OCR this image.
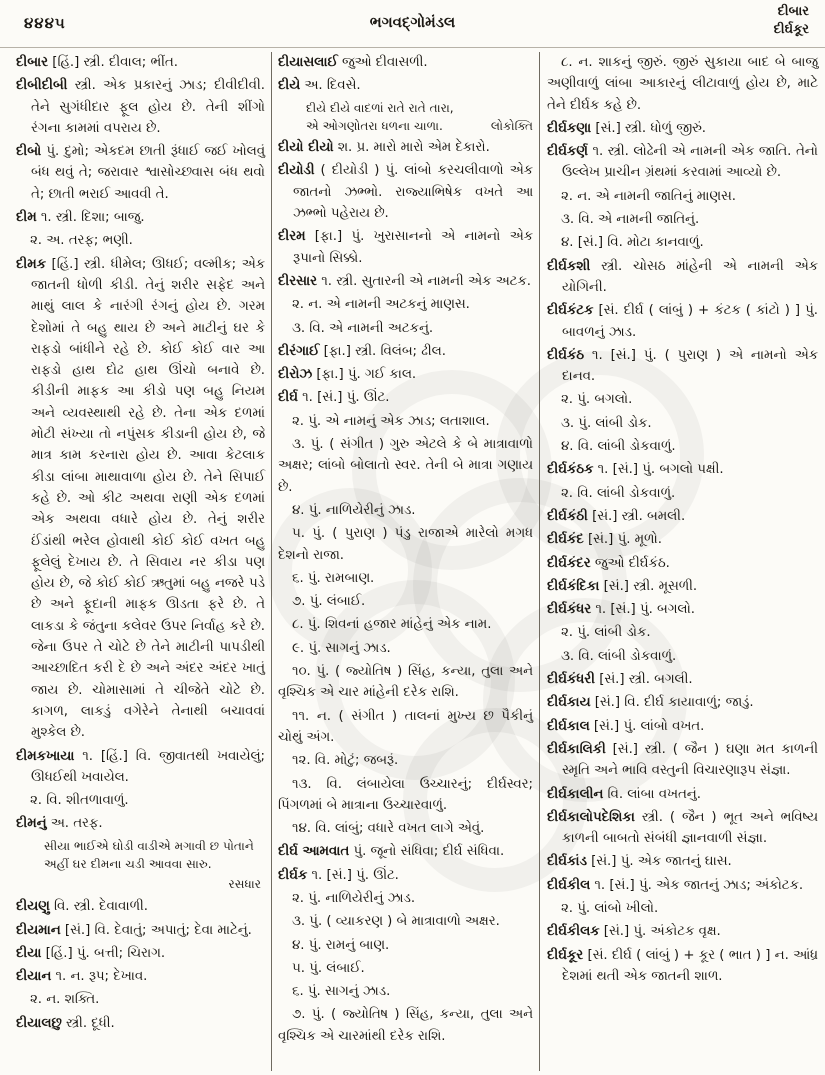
૪૪૪૫	ભગવદ્ગોમંડલ
દીબાર
દીર્ઘકૂર

દીબાર [હિં.] સ્ત્રી. દીવાલ; ભીંત.

દીબીદીબી સ્ત્રી. એક પ્રકારનું ઝાડ; દીવીદીવી. તેને સુગંધીદાર ફૂલ હોય છે. તેની શીંગો રંગના કામમાં વપરાય છે.

દીબો પું. દુમો; એકદમ છાતી રૂંધાઈ જઈ ખોલવું બંધ થવું તે; જરાવાર શ્વાસોચ્છ્વાસ બંધ થવો તે; છાતી ભરાઈ આવવી તે.

દીમ ૧. સ્ત્રી. દિશા; બાજુ.

૨. અ. તરફ; ભણી.

દીમક [હિં.] સ્ત્રી. ધીમેલ; ઊધઈ; વલ્મીક; એક જાતની ધોળી કીડી. તેનું શરીર સફેદ અને માથું લાલ કે નારંગી રંગનું હોય છે. ગરમ દેશોમાં તે બહુ થાય છે અને માટીનું ઘર કે રાફડો બાંધીને રહે છે. કોઈ કોઈ વાર આ રાફડો હાથ દોઢ હાથ ઊંચો બનાવે છે. કીડીની માફક આ કીડો પણ બહુ નિયમ અને વ્યવસ્થાથી રહે છે. તેના એક દળમાં મોટી સંખ્યા તો નપુંસક કીડાની હોય છે, જે માત્ર કામ કરનારા હોય છે. આવા કેટલાક કીડા લાંબા માથાવાળા હોય છે. તેને સિપાઈ કહે છે. ઓ કીટ અથવા રાણી એક દળમાં એક અથવા વધારે હોય છે. તેનું શરીર ઈંડાંથી ભરેલ હોવાથી કોઈ કોઈ વખત બહુ ફૂલેલું દેખાય છે. તે સિવાય નર કીડા પણ હોય છે, જે કોઈ કોઈ ઋતુમાં બહુ નજરે પડે છે અને ફૂદાની માફક ઊડતા ફરે છે. તે લાકડા કે જંતુના કલેવર ઉપર નિર્વાહ કરે છે. જેના ઉપર તે ચોટે છે તેને માટીની પાપડીથી આચ્છાદિત કરી દે છે અને અંદર અંદર ખાતું જાય છે. ચોમાસામાં તે ચીજેતે ચોટે છે. કાગળ, લાકડું વગેરેને તેનાથી બચાવવાં મુશ્કેલ છે.

દીમકખાયા ૧. [હિં.] વિ. જીવાતથી ખવાયેલું; ઊધઈથી ખવાયેલ.

૨. વિ. શીતળાવાળું.

દીમનું અ. તરફ.

સીયા ભાઈએ ઘોડી વાડીએ મગાવી છ પોતાને અહીં ઘર દીમના ચડી આવવા સારુ.

રસધાર

દીયણુ વિ. સ્ત્રી. દેવાવાળી.

દીયમાન [સં.] વિ. દેવાતું; અપાતું; દેવા માટેનું.

દીયા [હિં.] પું. બત્તી; ચિરાગ.

દીયાન ૧. ન. રૂપ; દેખાવ.

૨. ન. શક્તિ.

દીયાલછુ સ્ત્રી. દૂધી.

દીયાસલાઈ જુઓ દીવાસળી.

દીયે અ. દિવસે.

દીયે દીયે વાદળાં રાતે રાતે તારા,
એ ઓગણોતરા ધળના ચાળા.	લોકોક્તિ

દીયો દીયો શ. પ્ર. મારો મારો એમ દેકારો.

દીયોડી ( દીયોડી ) પું. લાંબો કરચલીવાળો એક જાતનો ઝભ્ભો. રાજ્યાભિષેક વખતે આ ઝભ્ભો પહેરાય છે.

દીરમ [ફા.] પું. ખુરાસાનનો એ નામનો એક રૂપાનો સિક્કો.

દીરસાર ૧. સ્ત્રી. સુતારની એ નામની એક અટક.

૨. ન. એ નામની અટકનું માણસ.

૩. વિ. એ નામની અટકનું.

દીરંગાઈ [ફા.] સ્ત્રી. વિલંબ; ઢીલ.

દીરોઝ [ફા.] પું. ગઈ કાલ.

દીર્ઘ ૧. [સં.] પું. ઊંટ.

૨. પું. એ નામનું એક ઝાડ; લતાશાલ.

૩. પું. ( સંગીત ) ગુરુ એટલે કે બે માત્રાવાળો અક્ષર; લાંબો બોલાતો સ્વર. તેની બે માત્રા ગણાય છે.

૪. પું. નાળિયેરીનું ઝાડ.

૫. પું. ( પુરાણ ) પંડુ રાજાએ મારેલો મગધ દેશનો રાજા.

૬. પું. રામબાણ.

૭. પું. લંબાઈ.

૮. પું. શિવનાં હજાર માંહેનું એક નામ.

૯. પું. સાગનું ઝાડ.

૧૦. પું. ( જ્યોતિષ ) સિંહ, કન્યા, તુલા અને વૃશ્ચિક એ ચાર માંહેની દરેક રાશિ.

૧૧. ન. ( સંગીત ) તાલનાં મુખ્ય છ પૈકીનું ચોથું અંગ.

૧૨. વિ. મોટું; જબરૂં.

૧૩. વિ. લંબાયેલા ઉચ્ચારનું; દીર્ઘસ્વર; પિંગળમાં બે માત્રાના ઉચ્ચારવાળું.

૧૪. વિ. લાંબું; વધારે વખત લાગે એવું.

દીર્ઘ આમવાત પું. જૂનો સંધિવા; દીર્ઘ સંધિવા.

દીર્ઘક ૧. [સં.] પું. ઊંટ.

૨. પું. નાળિયેરીનું ઝાડ.

૩. પું. ( વ્યાકરણ ) બે માત્રાવાળો અક્ષર.

૪. પું. રામનું બાણ.

૫. પું. લંબાઈ.

૬. પું. સાગનું ઝાડ.

૭. પું. ( જ્યોતિષ ) સિંહ, કન્યા, તુલા અને વૃશ્ચિક એ ચારમાંથી દરેક રાશિ.

૮. ન. શાકનું જીરું. જીરું સુકાયા બાદ બે બાજુ અણીવાળું લાંબા આકારનું લીટાવાળું હોય છે, માટે તેને દીર્ઘક કહે છે.

દીર્ઘકણા [સં.] સ્ત્રી. ધોળું જીરું.

દીર્ઘકર્ણ ૧. સ્ત્રી. લોઢેની એ નામની એક જાતિ. તેનો ઉલ્લેખ પ્રાચીન ગ્રંથમાં કરવામાં આવ્યો છે.

૨. ન. એ નામની જાતિનું માણસ.

૩. વિ. એ નામની જાતિનું.

૪. [સં.] વિ. મોટા કાનવાળું.

દીર્ઘકશી સ્ત્રી. ચોસઠ માંહેની એ નામની એક યોગિની.

દીર્ઘકંટક [સં. દીર્ઘ ( લાંબું ) + કંટક ( કાંટો ) ] પું. બાવળનું ઝાડ.

દીર્ઘકંઠ ૧. [સં.] પું. ( પુરાણ ) એ નામનો એક દાનવ.

૨. પું. બગલો.

૩. પું. લાંબી ડોક.

૪. વિ. લાંબી ડોકવાળું.

દીર્ઘકંઠક ૧. [સં.] પું. બગલો પક્ષી.

૨. વિ. લાંબી ડોકવાળું.

દીર્ઘકંઠી [સં.] સ્ત્રી. બમલી.

દીર્ઘકંદ [સં.] પું. મૂળો.

દીર્ઘકંદર જુઓ દીર્ઘકંઠ.

દીર્ઘકંદિકા [સં.] સ્ત્રી. મૂસળી.

દીર્ઘકંધર ૧. [સં.] પું. બગલો.

૨. પું. લાંબી ડોક.

૩. વિ. લાંબી ડોકવાળું.

દીર્ઘકંધરી [સં.] સ્ત્રી. બગલી.

દીર્ઘકાય [સં.] વિ. દીર્ઘ કાયાવાળું; જાડું.

દીર્ઘકાલ [સં.] પું. લાંબો વખત.

દીર્ઘકાલિકી [સં.] સ્ત્રી. ( જૈન ) ઘણા મત કાળની સ્મૃતિ અને ભાવિ વસ્તુની વિચારણારૂપ સંજ્ઞા.

દીર્ઘકાલીન વિ. લાંબા વખતનું.

દીર્ઘકાલોપદેશિકા સ્ત્રી. ( જૈન ) ભૂત અને ભવિષ્ય કાળની બાબતો સંબંધી જ્ઞાનવાળી સંજ્ઞા.

દીર્ઘકાંડ [સં.] પું. એક જાતનું ઘાસ.

દીર્ઘકીલ ૧. [સં.] પું. એક જાતનું ઝાડ; અંકોટક.

૨. પું. લાંબો ખીલો.

દીર્ઘકીલક [સં.] પું. અંકોટક વૃક્ષ.

દીર્ઘકૂર [સં. દીર્ઘ ( લાંબું ) + કૂર ( ભાત ) ] ન. આંધ્ર દેશમાં થતી એક જાતની શાળ.
